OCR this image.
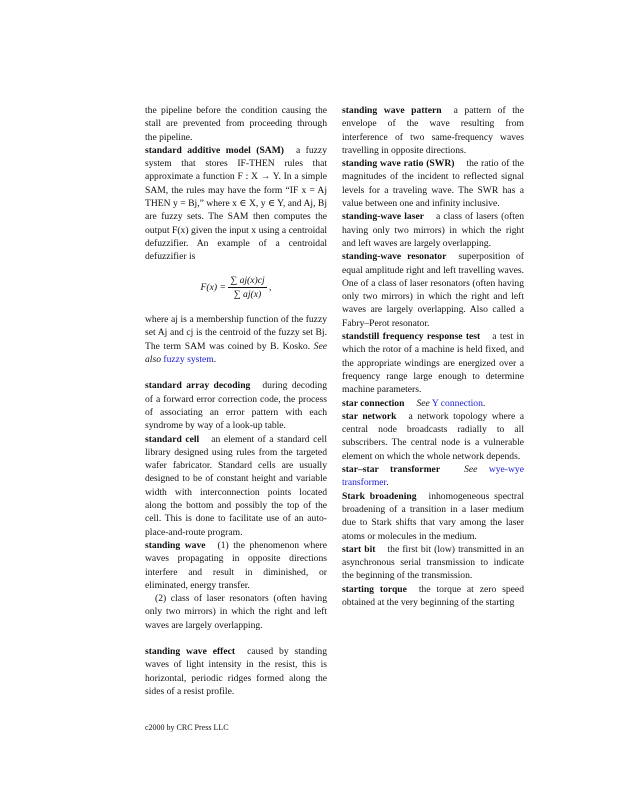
the pipeline before the condition causing the stall are prevented from proceeding through the pipeline.

standard additive model (SAM) a fuzzy system that stores IF-THEN rules that approximate a function F : X → Y. In a simple SAM, the rules may have the form “IF x = Aj THEN y = Bj,” where x ∈ X, y ∈ Y, and Aj, Bj are fuzzy sets. The SAM then computes the output F(x) given the input x using a centroidal defuzzifier. An example of a centroidal defuzzifier is

$F(x) = \frac{\sum aj(x)cj}{\sum aj(x)}$ ,

where aj is a membership function of the fuzzy set Aj and cj is the centroid of the fuzzy set Bj. The term SAM was coined by B. Kosko. See also fuzzy system.

standard array decoding during decoding of a forward error correction code, the process of associating an error pattern with each syndrome by way of a look-up table.

standard cell an element of a standard cell library designed using rules from the targeted wafer fabricator. Standard cells are usually designed to be of constant height and variable width with interconnection points located along the bottom and possibly the top of the cell. This is done to facilitate use of an auto-place-and-route program.

standing wave (1) the phenomenon where waves propagating in opposite directions interfere and result in diminished, or eliminated, energy transfer.

(2) class of laser resonators (often having only two mirrors) in which the right and left waves are largely overlapping.

standing wave effect caused by standing waves of light intensity in the resist, this is horizontal, periodic ridges formed along the sides of a resist profile.

standing wave pattern a pattern of the envelope of the wave resulting from interference of two same-frequency waves travelling in opposite directions.

standing wave ratio (SWR) the ratio of the magnitudes of the incident to reflected signal levels for a traveling wave. The SWR has a value between one and infinity inclusive.

standing-wave laser a class of lasers (often having only two mirrors) in which the right and left waves are largely overlapping.

standing-wave resonator superposition of equal amplitude right and left travelling waves. One of a class of laser resonators (often having only two mirrors) in which the right and left waves are largely overlapping. Also called a Fabry–Perot resonator.

standstill frequency response test a test in which the rotor of a machine is held fixed, and the appropriate windings are energized over a frequency range large enough to determine machine parameters.

star connection See Y connection.

star network a network topology where a central node broadcasts radially to all subscribers. The central node is a vulnerable element on which the whole network depends.

star–star transformer	See wye-wye transformer.

Stark broadening inhomogeneous spectral broadening of a transition in a laser medium due to Stark shifts that vary among the laser atoms or molecules in the medium.

start bit the first bit (low) transmitted in an asynchronous serial transmission to indicate the beginning of the transmission.

starting torque the torque at zero speed obtained at the very beginning of the starting

c2000 by CRC Press LLC
